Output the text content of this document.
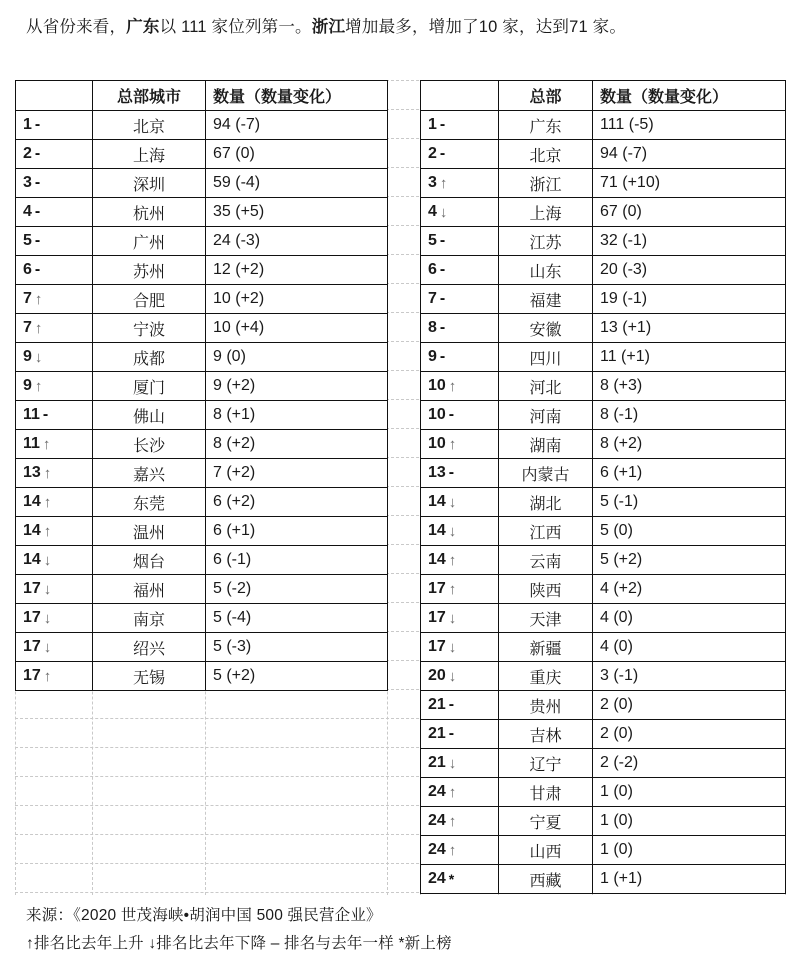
从省份来看，广东以 111 家位列第一。浙江增加最多，增加了10 家，达到71 家。
	总部城市	数量（数量变化）

1 -	北京	94 (-7)

2 -	上海	67 (0)

3 -	深圳	59 (-4)

4 -	杭州	35 (+5)

5 -	广州	24 (-3)

6 -	苏州	12 (+2)

7 ↑	合肥	10 (+2)

7 ↑	宁波	10 (+4)

9 ↓	成都	9 (0)

9 ↑	厦门	9 (+2)

11 -	佛山	8 (+1)

11 ↑	长沙	8 (+2)

13 ↑	嘉兴	7 (+2)

14 ↑	东莞	6 (+2)

14 ↑	温州	6 (+1)

14 ↓	烟台	6 (-1)

17 ↓	福州	5 (-2)

17 ↓	南京	5 (-4)

17 ↓	绍兴	5 (-3)

17 ↑	无锡	5 (+2)
	总部	数量（数量变化）

1 -	广东	111 (-5)

2 -	北京	94 (-7)

3 ↑	浙江	71 (+10)

4 ↓	上海	67 (0)

5 -	江苏	32 (-1)

6 -	山东	20 (-3)

7 -	福建	19 (-1)

8 -	安徽	13 (+1)

9 -	四川	11 (+1)

10 ↑	河北	8 (+3)

10 -	河南	8 (-1)

10 ↑	湖南	8 (+2)

13 -	内蒙古	6 (+1)

14 ↓	湖北	5 (-1)

14 ↓	江西	5 (0)

14 ↑	云南	5 (+2)

17 ↑	陕西	4 (+2)

17 ↓	天津	4 (0)

17 ↓	新疆	4 (0)

20 ↓	重庆	3 (-1)

21 -	贵州	2 (0)

21 -	吉林	2 (0)

21 ↓	辽宁	2 (-2)

24 ↑	甘肃	1 (0)

24 ↑	宁夏	1 (0)

24 ↑	山西	1 (0)

24 *	西藏	1 (+1)
来源：《2020 世茂海峡•胡润中国 500 强民营企业》
↑排名比去年上升 ↓排名比去年下降 – 排名与去年一样 *新上榜
